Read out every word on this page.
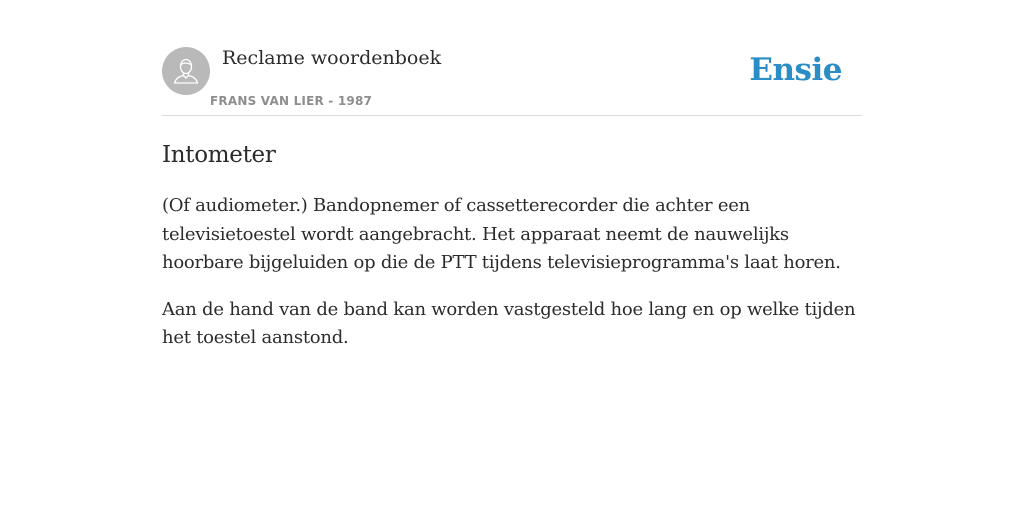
Reclame woordenboek
FRANS VAN LIER - 1987
Ensie
Intometer

(Of audiometer.) Bandopnemer of cassetterecorder die achter een televisietoestel wordt aangebracht. Het apparaat neemt de nauwelijks hoorbare bijgeluiden op die de PTT tijdens televisieprogramma's laat horen.

Aan de hand van de band kan worden vastgesteld hoe lang en op welke tijden het toestel aanstond.
